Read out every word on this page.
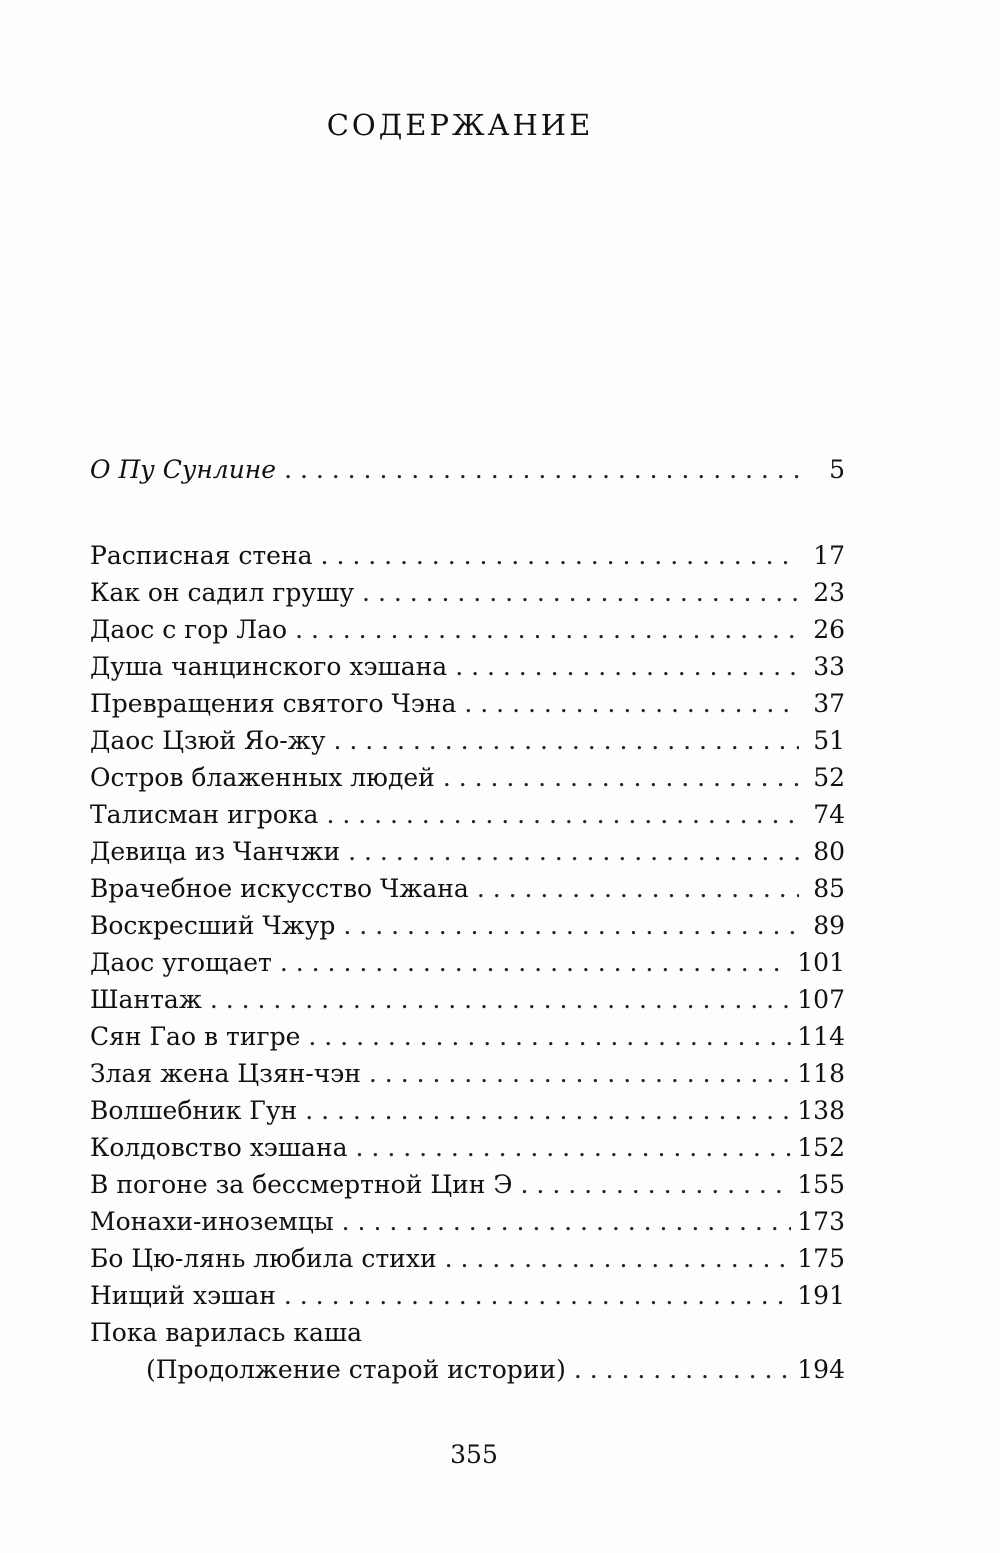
СОДЕРЖАНИЕ
О Пу Сунлине . . .	5
Расписная стена . . .	17
Как он садил грушу . . .	23
Даос с гор Лао . . .	26
Душа чанцинского хэшана . . .	33
Превращения святого Чэна . . .	37
Даос Цзюй Яо-жу . . .	51
Остров блаженных людей . . .	52
Талисман игрока . . .	74
Девица из Чанчжи . . .	80
Врачебное искусство Чжана . . .	85
Воскресший Чжур . . .	89
Даос угощает . . .	101
Шантаж . . .	107
Сян Гао в тигре . . .	114
Злая жена Цзян-чэн . . .	118
Волшебник Гун . . .	138
Колдовство хэшана . . .	152
В погоне за бессмертной Цин Э . . .	155
Монахи-иноземцы . . .	173
Бо Цю-лянь любила стихи . . .	175
Нищий хэшан . . .	191
Пока варилась каша
(Продолжение старой истории) . . .	194
355
